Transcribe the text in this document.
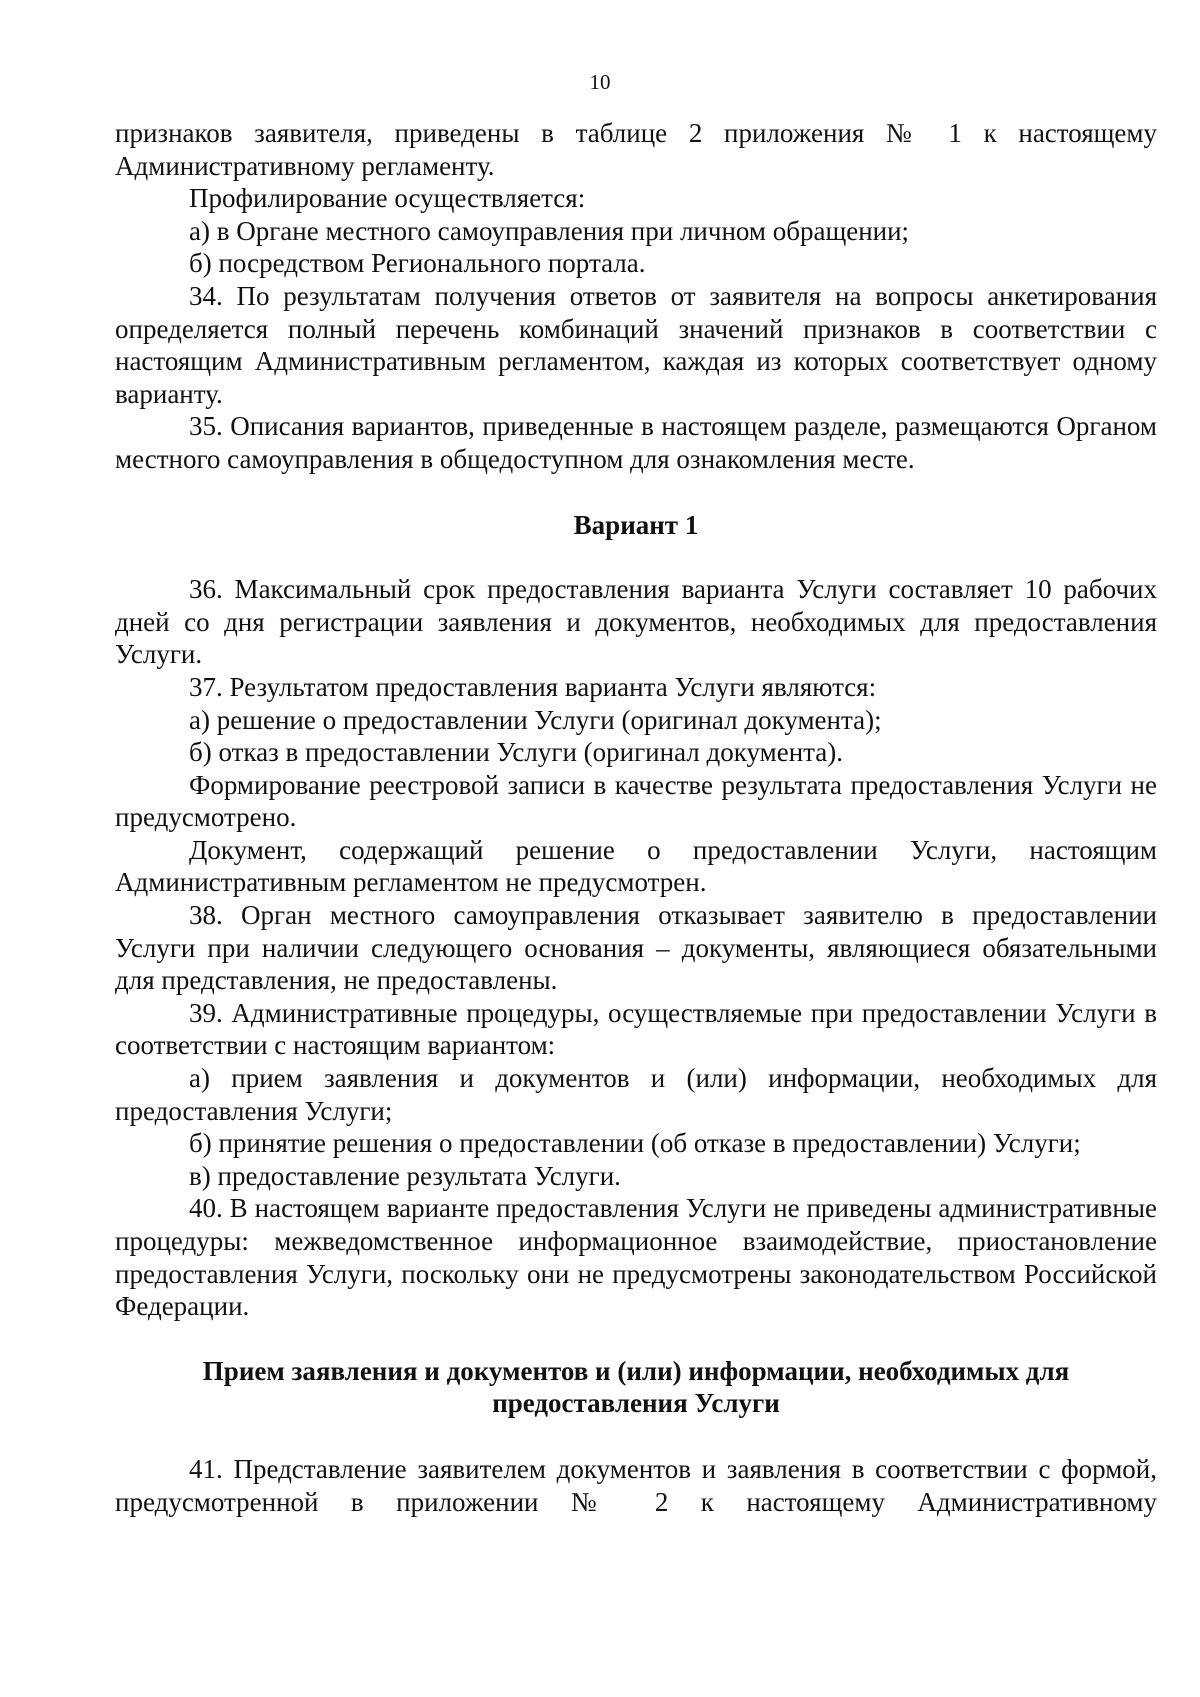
10

признаков заявителя, приведены в таблице 2 приложения № 1 к настоящему Административному регламенту.

Профилирование осуществляется:

а) в Органе местного самоуправления при личном обращении;

б) посредством Регионального портала.

34. По результатам получения ответов от заявителя на вопросы анкетирования определяется полный перечень комбинаций значений признаков в соответствии с настоящим Административным регламентом, каждая из которых соответствует одному варианту.

35. Описания вариантов, приведенные в настоящем разделе, размещаются Органом местного самоуправления в общедоступном для ознакомления месте.

Вариант 1

36. Максимальный срок предоставления варианта Услуги составляет 10 рабочих дней со дня регистрации заявления и документов, необходимых для предоставления Услуги.

37. Результатом предоставления варианта Услуги являются:

а) решение о предоставлении Услуги (оригинал документа);

б) отказ в предоставлении Услуги (оригинал документа).

Формирование реестровой записи в качестве результата предоставления Услуги не предусмотрено.

Документ, содержащий решение о предоставлении Услуги, настоящим Административным регламентом не предусмотрен.

38. Орган местного самоуправления отказывает заявителю в предоставлении Услуги при наличии следующего основания – документы, являющиеся обязательными для представления, не предоставлены.

39. Административные процедуры, осуществляемые при предоставлении Услуги в соответствии с настоящим вариантом:

а) прием заявления и документов и (или) информации, необходимых для предоставления Услуги;

б) принятие решения о предоставлении (об отказе в предоставлении) Услуги;

в) предоставление результата Услуги.

40. В настоящем варианте предоставления Услуги не приведены административные процедуры: межведомственное информационное взаимодействие, приостановление предоставления Услуги, поскольку они не предусмотрены законодательством Российской Федерации.

Прием заявления и документов и (или) информации, необходимых для
предоставления Услуги

41. Представление заявителем документов и заявления в соответствии с формой, предусмотренной в приложении № 2 к настоящему Административному
